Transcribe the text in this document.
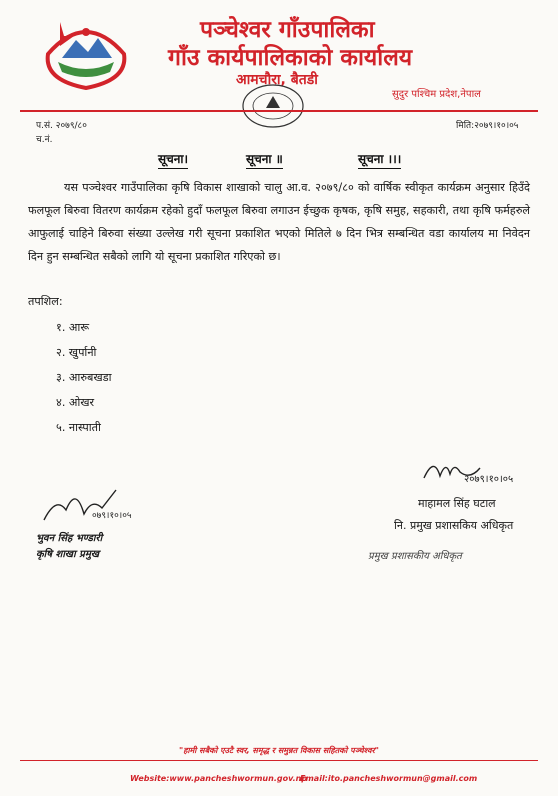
पञ्चेश्वर गाँउपालिका
गाँउ कार्यपालिकाको कार्यालय
आमचौरा, बैतडी
सुदुर पश्चिम प्रदेश,नेपाल
प.सं. २०७९/८०
च.नं.
मिति:२०७९।१०।०५
सूचना।	सूचना ॥	सूचना ।।।
यस पञ्चेश्वर गाउँपालिका कृषि विकास शाखाको चालु आ.व. २०७९/८० को वार्षिक स्वीकृत कार्यक्रम अनुसार हिउँदे फलफूल बिरुवा वितरण कार्यक्रम रहेको हुदाँ फलफूल बिरुवा लगाउन ईच्छुक कृषक, कृषि समुह, सहकारी, तथा कृषि फर्महरुले आफुलाई चाहिने बिरुवा संख्या उल्लेख गरी सूचना प्रकाशित भएको मितिले ७ दिन भित्र सम्बन्धित वडा कार्यालय मा निवेदन दिन हुन सम्बन्धित सबैको लागि यो सूचना प्रकाशित गरिएको छ।
तपशिल:
१. आरू
२. खुर्पानी
३. आरुबखडा
४. ओखर
५. नास्पाती
२०७९।१०।०५
माहामल सिंह घटाल
नि. प्रमुख प्रशासकिय अधिकृत
प्रमुख प्रशासकीय अधिकृत
०७९।१०।०५
भुवन सिंह भण्डारी
कृषि शाखा प्रमुख
"हामी सबैको एउटै स्वर, समृद्ध र समुन्नत विकास सहितको पञ्चेश्वर"
Website:www.pancheshwormun.gov.np
Email:ito.pancheshwormun@gmail.com
